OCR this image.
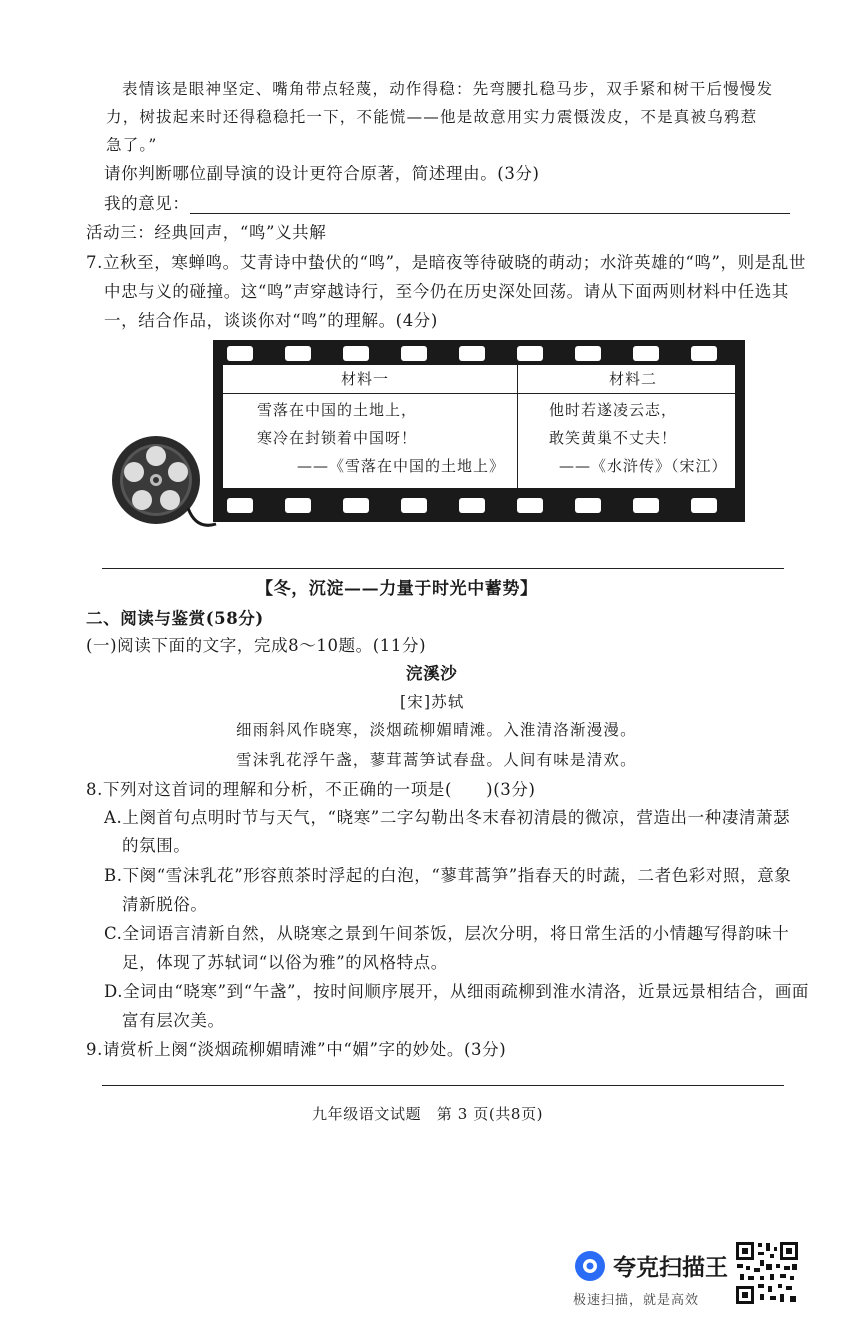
表情该是眼神坚定、嘴角带点轻蔑，动作得稳：先弯腰扎稳马步，双手紧和树干后慢慢发
力，树拔起来时还得稳稳托一下，不能慌——他是故意用实力震慑泼皮，不是真被乌鸦惹
急了。”
请你判断哪位副导演的设计更符合原著，简述理由。(3分)
我的意见：
活动三：经典回声，“鸣”义共解
7.立秋至，寒蝉鸣。艾青诗中蛰伏的“鸣”，是暗夜等待破晓的萌动；水浒英雄的“鸣”，则是乱世
中忠与义的碰撞。这“鸣”声穿越诗行，至今仍在历史深处回荡。请从下面两则材料中任选其
一，结合作品，谈谈你对“鸣”的理解。(4分)
材料一	材料二
雪落在中国的土地上，
寒冷在封锁着中国呀！
——《雪落在中国的土地上》
他时若遂凌云志，
敢笑黄巢不丈夫！
——《水浒传》（宋江）
【冬，沉淀——力量于时光中蓄势】
二、阅读与鉴赏(58分)
(一)阅读下面的文字，完成8～10题。(11分)
浣溪沙
[宋]苏轼
细雨斜风作晓寒，淡烟疏柳媚晴滩。入淮清洛渐漫漫。
雪沫乳花浮午盏，蓼茸蒿笋试春盘。人间有味是清欢。
8.下列对这首词的理解和分析，不正确的一项是(　　)(3分)
A.上阕首句点明时节与天气，“晓寒”二字勾勒出冬末春初清晨的微凉，营造出一种凄清萧瑟
的氛围。
B.下阕“雪沫乳花”形容煎茶时浮起的白泡，“蓼茸蒿笋”指春天的时蔬，二者色彩对照，意象
清新脱俗。
C.全词语言清新自然，从晓寒之景到午间茶饭，层次分明，将日常生活的小情趣写得韵味十
足，体现了苏轼词“以俗为雅”的风格特点。
D.全词由“晓寒”到“午盏”，按时间顺序展开，从细雨疏柳到淮水清洛，近景远景相结合，画面
富有层次美。
9.请赏析上阕“淡烟疏柳媚晴滩”中“媚”字的妙处。(3分)
九年级语文试题　第 3 页(共8页)
夸克扫描王
极速扫描，就是高效
